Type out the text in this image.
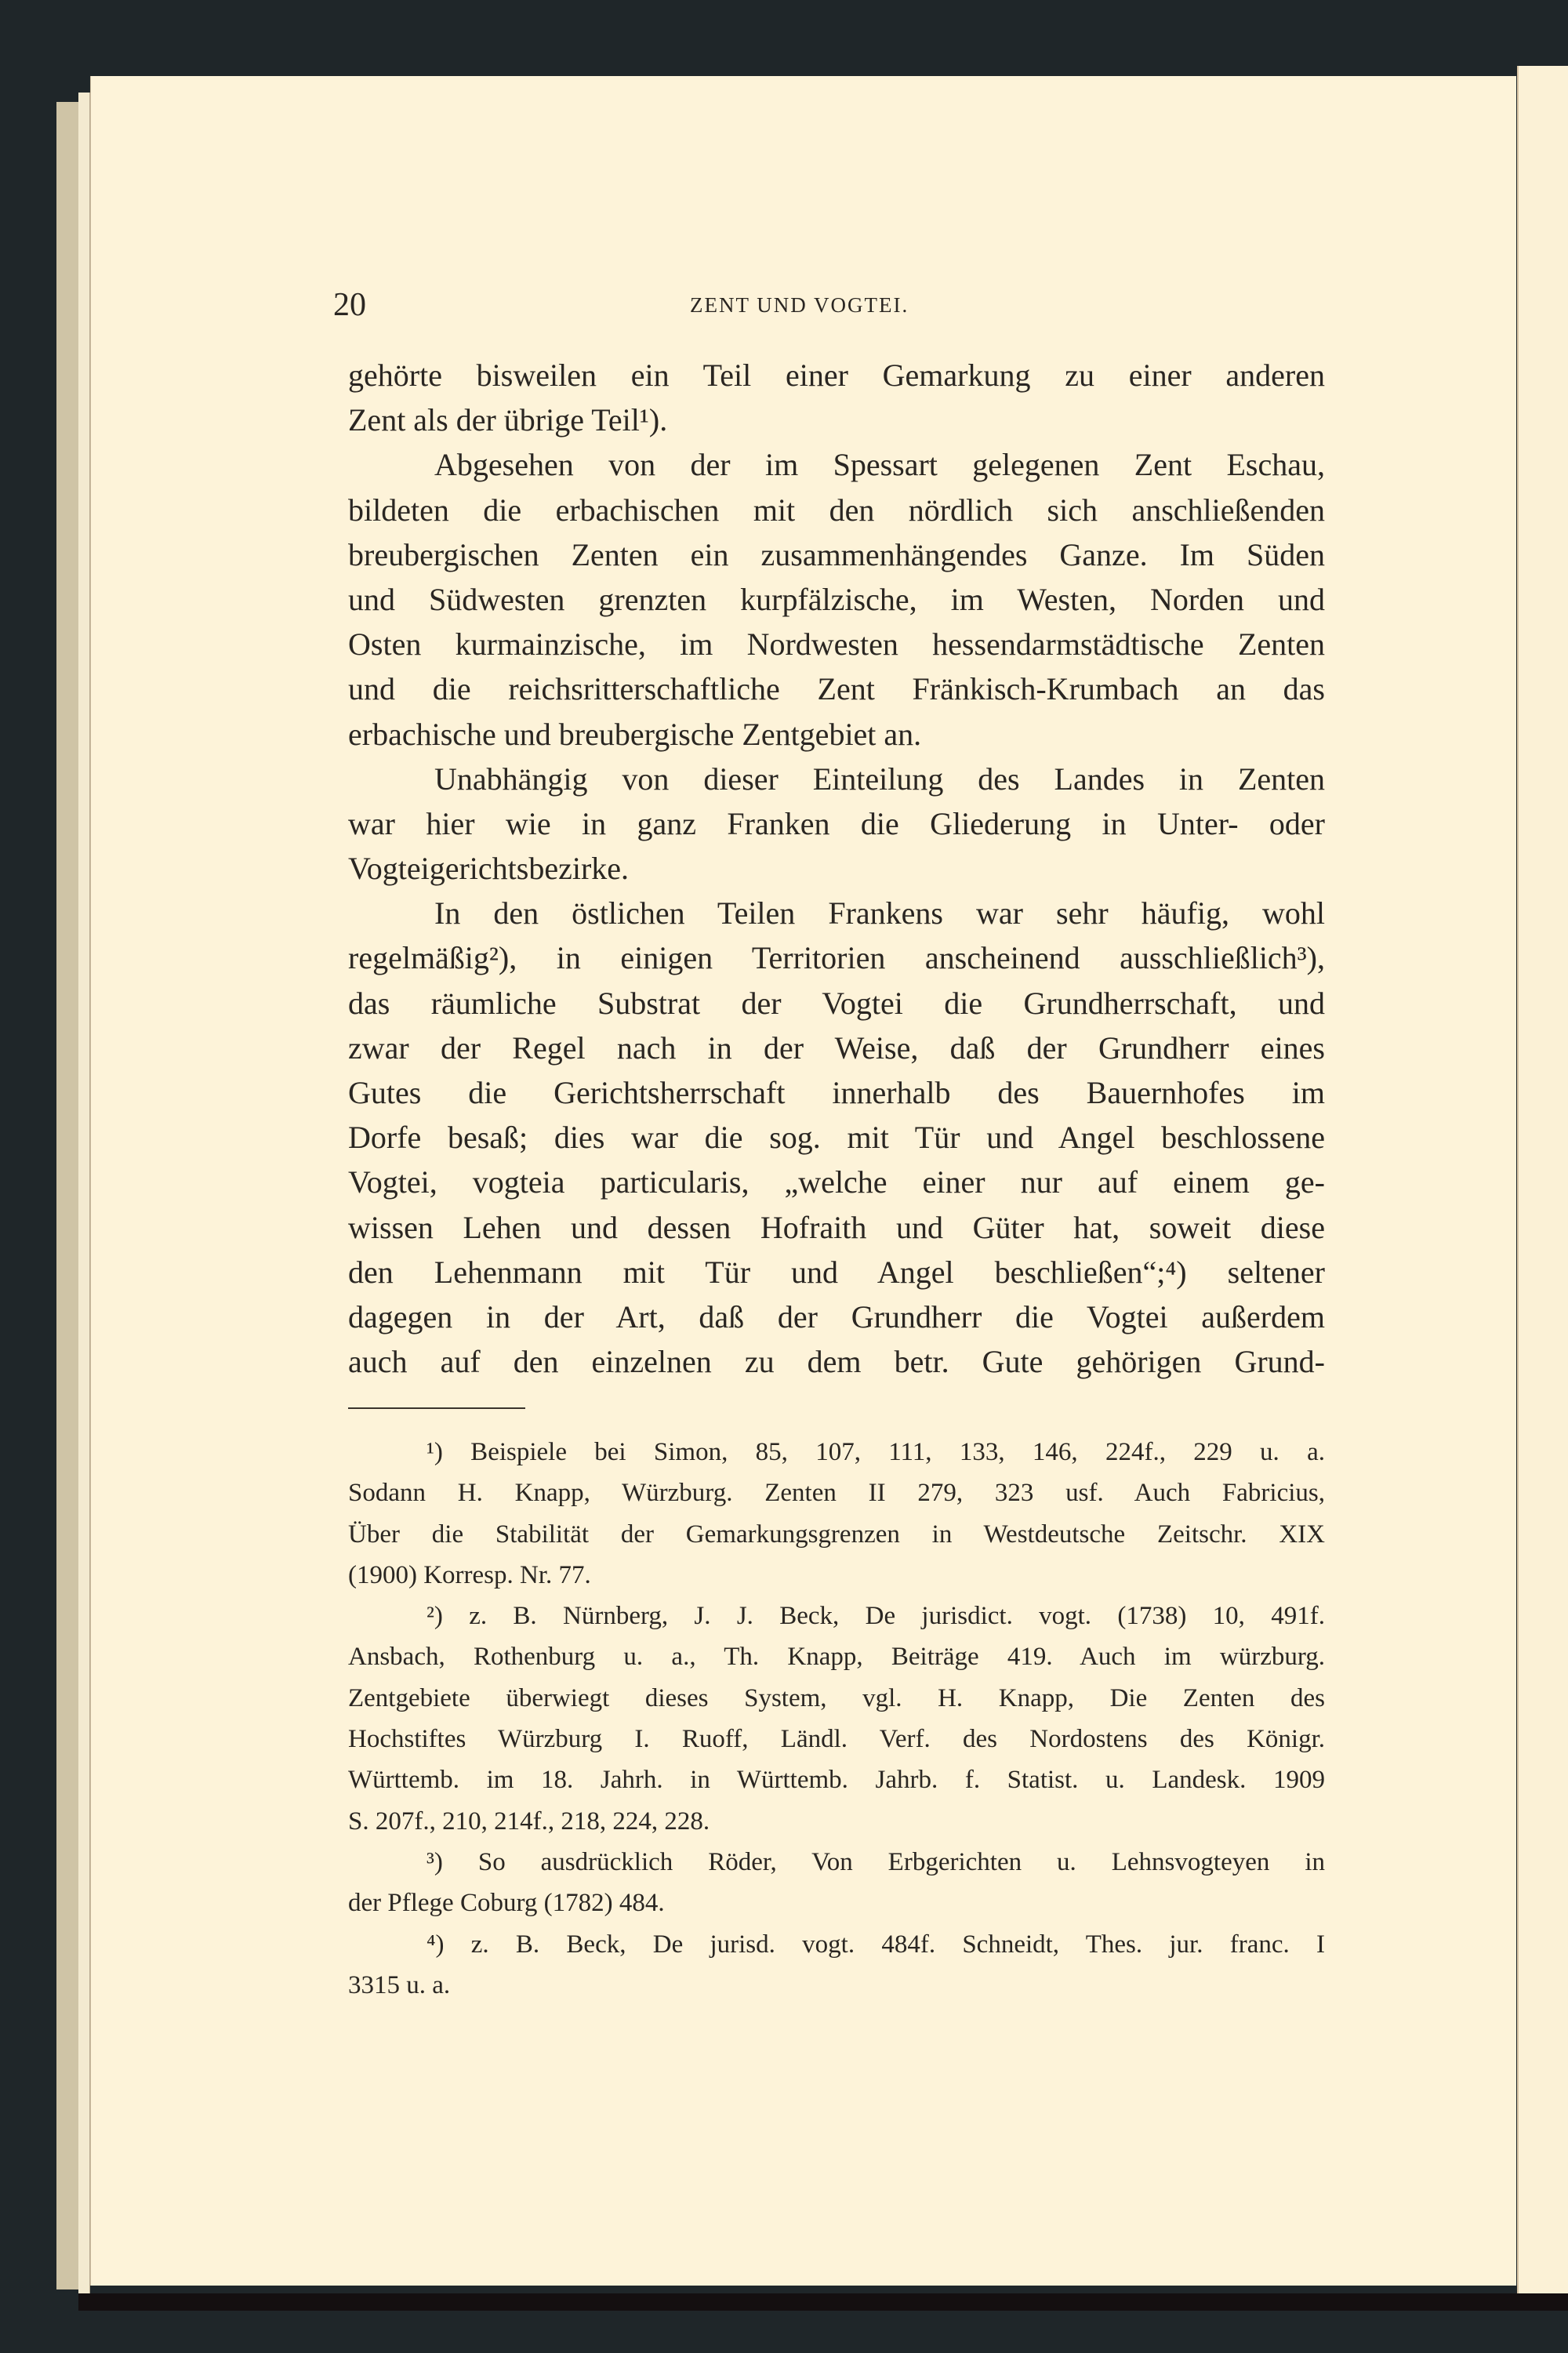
20	ZENT UND VOGTEI.
gehörte bisweilen ein Teil einer Gemarkung zu einer anderen
Zent als der übrige Teil¹).
Abgesehen von der im Spessart gelegenen Zent Eschau,
bildeten die erbachischen mit den nördlich sich anschließenden
breubergischen Zenten ein zusammenhängendes Ganze. Im Süden
und Südwesten grenzten kurpfälzische, im Westen, Norden und
Osten kurmainzische, im Nordwesten hessendarmstädtische Zenten
und die reichsritterschaftliche Zent Fränkisch-Krumbach an das
erbachische und breubergische Zentgebiet an.
Unabhängig von dieser Einteilung des Landes in Zenten
war hier wie in ganz Franken die Gliederung in Unter- oder
Vogteigerichtsbezirke.
In den östlichen Teilen Frankens war sehr häufig, wohl
regelmäßig²), in einigen Territorien anscheinend ausschließlich³),
das räumliche Substrat der Vogtei die Grundherrschaft, und
zwar der Regel nach in der Weise, daß der Grundherr eines
Gutes die Gerichtsherrschaft innerhalb des Bauernhofes im
Dorfe besaß; dies war die sog. mit Tür und Angel beschlossene
Vogtei, vogteia particularis, „welche einer nur auf einem ge-
wissen Lehen und dessen Hofraith und Güter hat, soweit diese
den Lehenmann mit Tür und Angel beschließen“;⁴) seltener
dagegen in der Art, daß der Grundherr die Vogtei außerdem
auch auf den einzelnen zu dem betr. Gute gehörigen Grund-
¹) Beispiele bei Simon, 85, 107, 111, 133, 146, 224f., 229 u. a.
Sodann H. Knapp, Würzburg. Zenten II 279, 323 usf. Auch Fabricius,
Über die Stabilität der Gemarkungsgrenzen in Westdeutsche Zeitschr. XIX
(1900) Korresp. Nr. 77.
²) z. B. Nürnberg, J. J. Beck, De jurisdict. vogt. (1738) 10, 491f.
Ansbach, Rothenburg u. a., Th. Knapp, Beiträge 419. Auch im würzburg.
Zentgebiete überwiegt dieses System, vgl. H. Knapp, Die Zenten des
Hochstiftes Würzburg I. Ruoff, Ländl. Verf. des Nordostens des Königr.
Württemb. im 18. Jahrh. in Württemb. Jahrb. f. Statist. u. Landesk. 1909
S. 207f., 210, 214f., 218, 224, 228.
³) So ausdrücklich Röder, Von Erbgerichten u. Lehnsvogteyen in
der Pflege Coburg (1782) 484.
⁴) z. B. Beck, De jurisd. vogt. 484f. Schneidt, Thes. jur. franc. I
3315 u. a.
